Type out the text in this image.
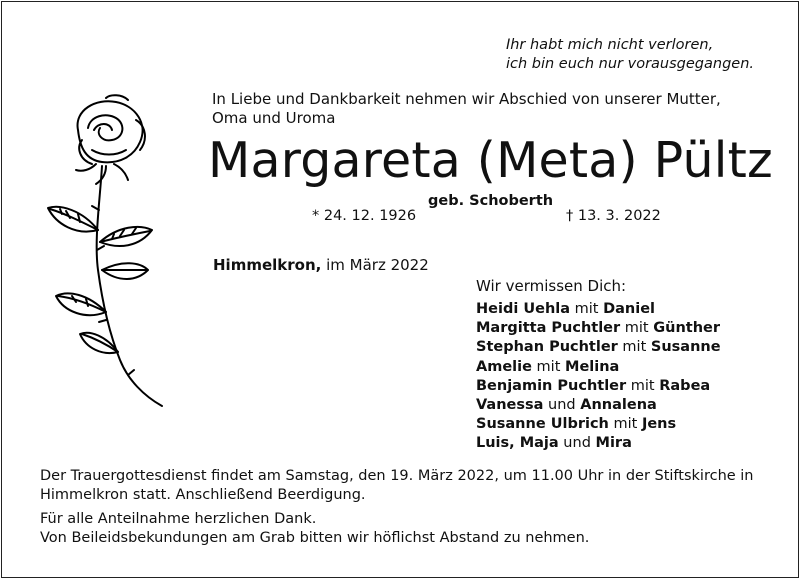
Ihr habt mich nicht verloren,
ich bin euch nur vorausgegangen.
In Liebe und Dankbarkeit nehmen wir Abschied von unserer Mutter, Oma und Uroma
Margareta (Meta) Pültz
geb. Schoberth
* 24. 12. 1926	† 13. 3. 2022
Himmelkron, im März 2022
Wir vermissen Dich:
Heidi Uehla mit Daniel
Margitta Puchtler mit Günther
Stephan Puchtler mit Susanne
Amelie mit Melina
Benjamin Puchtler mit Rabea
Vanessa und Annalena
Susanne Ulbrich mit Jens
Luis, Maja und Mira
Der Trauergottesdienst findet am Samstag, den 19. März 2022, um 11.00 Uhr in der Stiftskirche in Himmelkron statt. Anschließend Beerdigung.
Für alle Anteilnahme herzlichen Dank.
Von Beileidsbekundungen am Grab bitten wir höflichst Abstand zu nehmen.
